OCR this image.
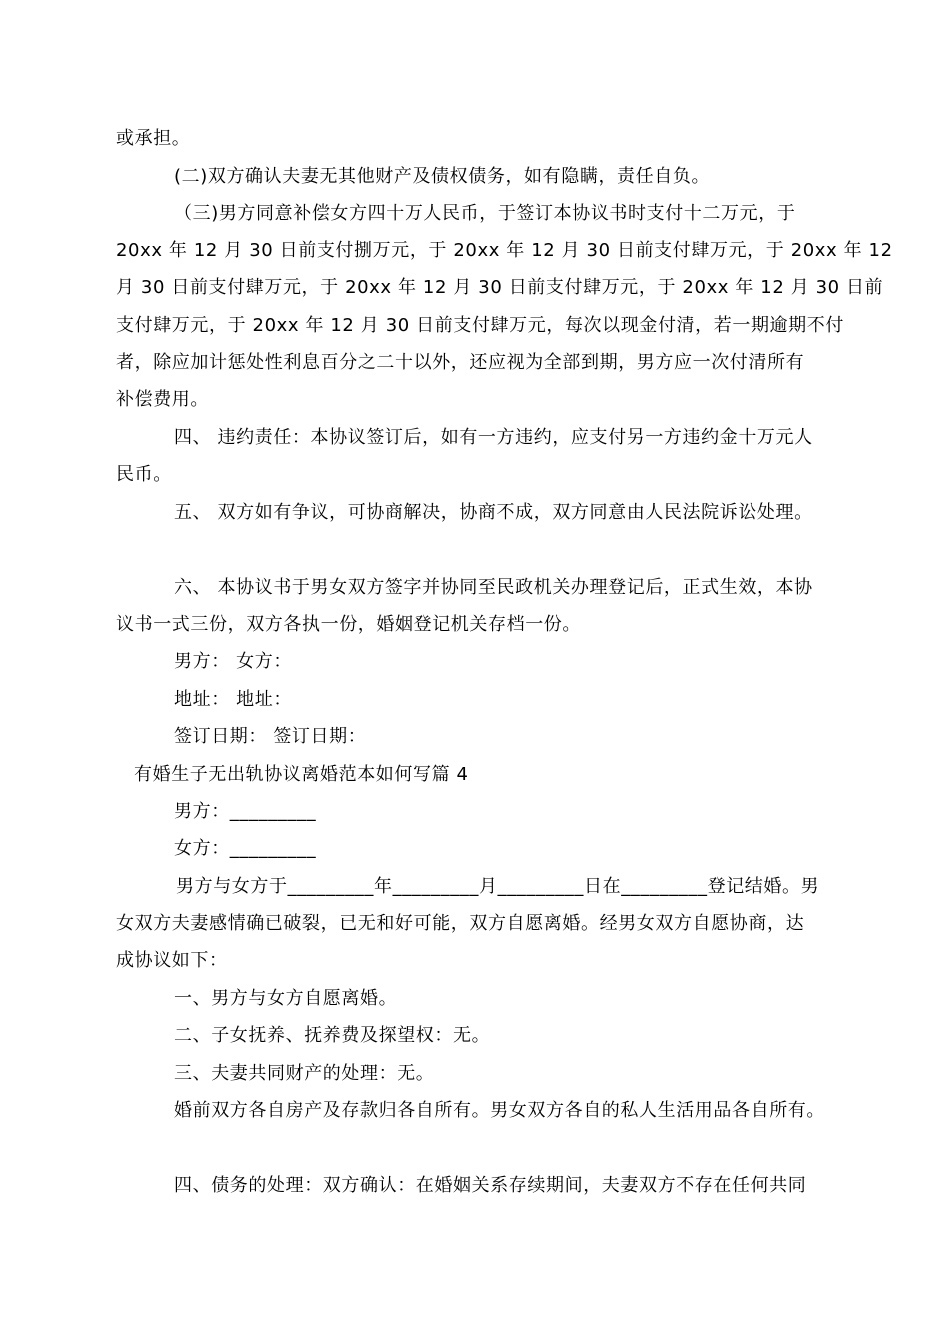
或承担。
(二)双方确认夫妻无其他财产及债权债务，如有隐瞒，责任自负。
（三)男方同意补偿女方四十万人民币，于签订本协议书时支付十二万元，于
20xx 年 12 月 30 日前支付捌万元，于 20xx 年 12 月 30 日前支付肆万元，于 20xx 年 12
月 30 日前支付肆万元，于 20xx 年 12 月 30 日前支付肆万元，于 20xx 年 12 月 30 日前
支付肆万元，于 20xx 年 12 月 30 日前支付肆万元，每次以现金付清，若一期逾期不付
者，除应加计惩处性利息百分之二十以外，还应视为全部到期，男方应一次付清所有
补偿费用。
四、 违约责任：本协议签订后，如有一方违约，应支付另一方违约金十万元人
民币。
五、 双方如有争议，可协商解决，协商不成，双方同意由人民法院诉讼处理。
六、 本协议书于男女双方签字并协同至民政机关办理登记后，正式生效，本协
议书一式三份，双方各执一份，婚姻登记机关存档一份。
男方： 女方：
地址： 地址：
签订日期： 签订日期：
有婚生子无出轨协议离婚范本如何写篇 4
男方：_________
女方：_________
男方与女方于_________年_________月_________日在_________登记结婚。男
女双方夫妻感情确已破裂，已无和好可能，双方自愿离婚。经男女双方自愿协商，达
成协议如下：
一、男方与女方自愿离婚。
二、子女抚养、抚养费及探望权：无。
三、夫妻共同财产的处理：无。
婚前双方各自房产及存款归各自所有。男女双方各自的私人生活用品各自所有。
四、债务的处理：双方确认：在婚姻关系存续期间，夫妻双方不存在任何共同
